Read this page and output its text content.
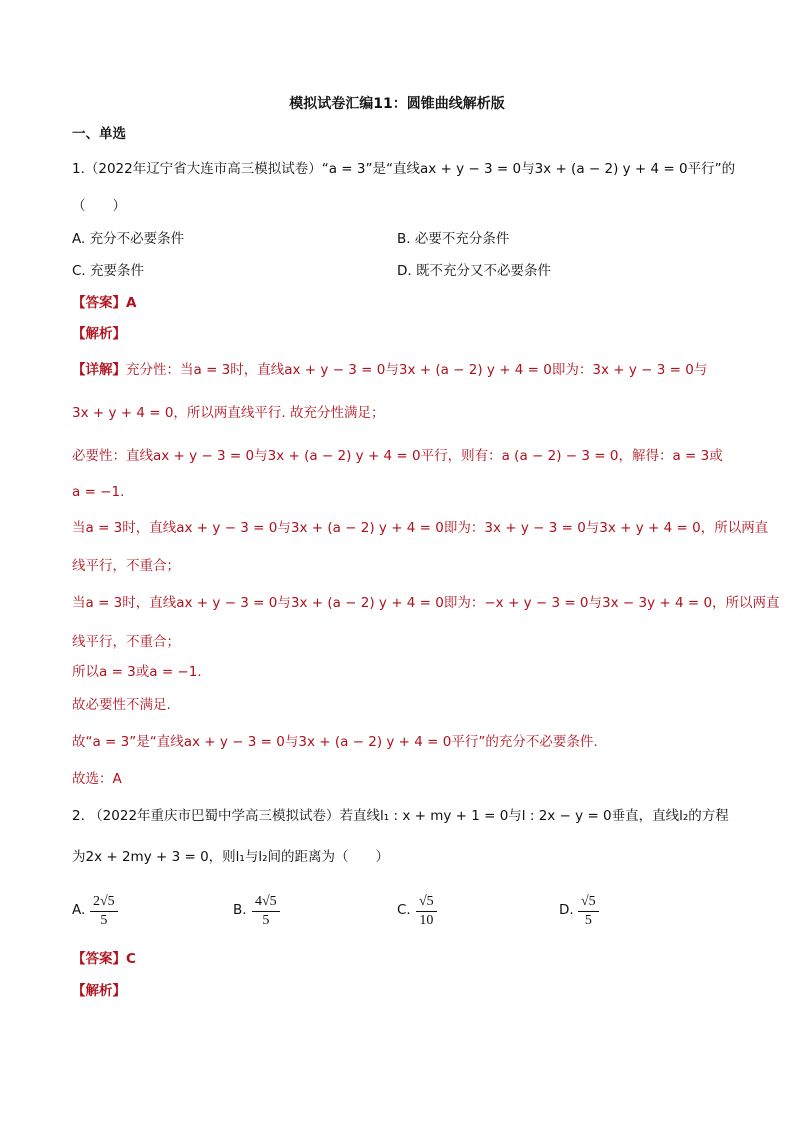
模拟试卷汇编11：圆锥曲线解析版
一、单选
1.（2022年辽宁省大连市高三模拟试卷）“a = 3”是“直线ax + y − 3 = 0与3x + (a − 2) y + 4 = 0平行”的
（　　）
A. 充分不必要条件	B. 必要不充分条件
C. 充要条件	D. 既不充分又不必要条件
【答案】A
【解析】
【详解】充分性：当a = 3时，直线ax + y − 3 = 0与3x + (a − 2) y + 4 = 0即为：3x + y − 3 = 0与
3x + y + 4 = 0，所以两直线平行. 故充分性满足；
必要性：直线ax + y − 3 = 0与3x + (a − 2) y + 4 = 0平行，则有：a (a − 2) − 3 = 0，解得：a = 3或
a = −1.
当a = 3时，直线ax + y − 3 = 0与3x + (a − 2) y + 4 = 0即为：3x + y − 3 = 0与3x + y + 4 = 0，所以两直
线平行，不重合；
当a = 3时，直线ax + y − 3 = 0与3x + (a − 2) y + 4 = 0即为：−x + y − 3 = 0与3x − 3y + 4 = 0，所以两直
线平行，不重合；
所以a = 3或a = −1.
故必要性不满足.
故“a = 3”是“直线ax + y − 3 = 0与3x + (a − 2) y + 4 = 0平行”的充分不必要条件.
故选：A
2. （2022年重庆市巴蜀中学高三模拟试卷）若直线l₁ : x + my + 1 = 0与l : 2x − y = 0垂直，直线l₂的方程
为2x + 2my + 3 = 0，则l₁与l₂间的距离为（　　）
A. $\frac{2√5}{5}$	B. $\frac{4√5}{5}$	C. $\frac{√5}{10}$	D. $\frac{√5}{5}$
【答案】C
【解析】
